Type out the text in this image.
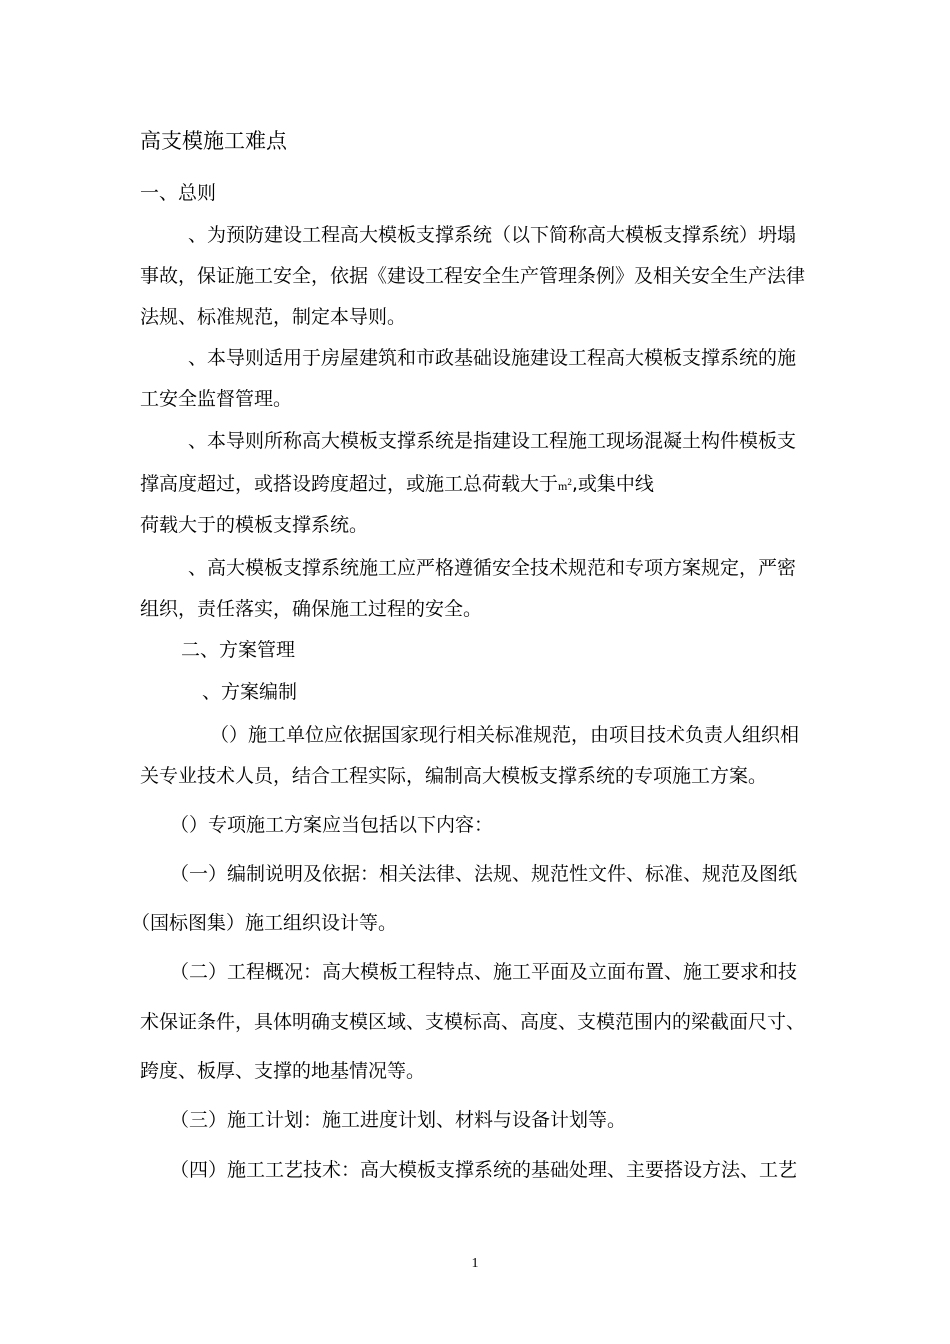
高支模施工难点
一、总则
、为预防建设工程高大模板支撑系统（以下简称高大模板支撑系统）坍塌
事故，保证施工安全，依据《建设工程安全生产管理条例》及相关安全生产法律
法规、标准规范，制定本导则。
、本导则适用于房屋建筑和市政基础设施建设工程高大模板支撑系统的施
工安全监督管理。
、本导则所称高大模板支撑系统是指建设工程施工现场混凝土构件模板支
撑高度超过，或搭设跨度超过，或施工总荷载大于$m^2$,或集中线
荷载大于的模板支撑系统。
、高大模板支撑系统施工应严格遵循安全技术规范和专项方案规定，严密
组织，责任落实，确保施工过程的安全。
二、方案管理
、方案编制
（）施工单位应依据国家现行相关标准规范，由项目技术负责人组织相
关专业技术人员，结合工程实际，编制高大模板支撑系统的专项施工方案。
（）专项施工方案应当包括以下内容：
（一）编制说明及依据：相关法律、法规、规范性文件、标准、规范及图纸
（国标图集）施工组织设计等。
（二）工程概况：高大模板工程特点、施工平面及立面布置、施工要求和技
术保证条件，具体明确支模区域、支模标高、高度、支模范围内的梁截面尺寸、
跨度、板厚、支撑的地基情况等。
（三）施工计划：施工进度计划、材料与设备计划等。
（四）施工工艺技术：高大模板支撑系统的基础处理、主要搭设方法、工艺
1
